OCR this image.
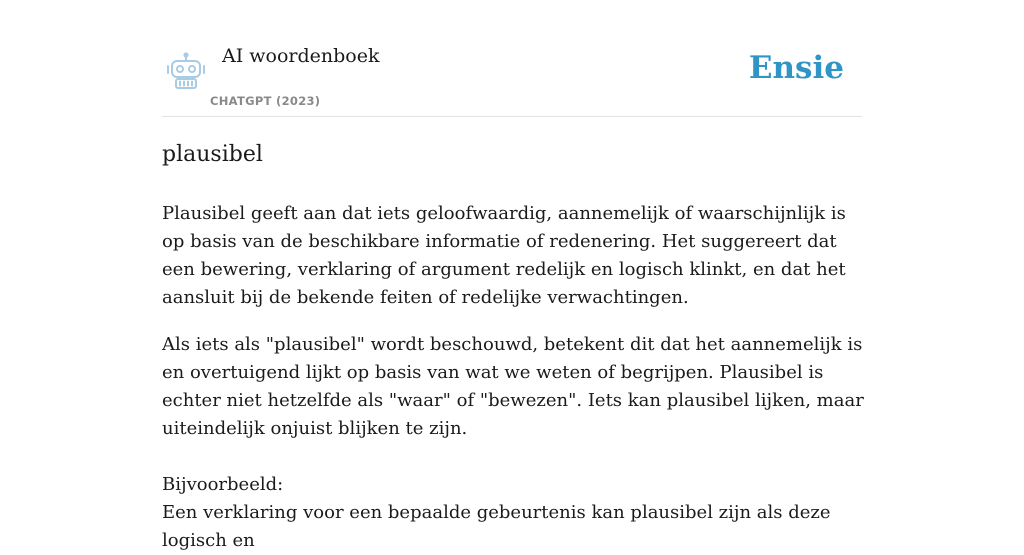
AI woordenboek
CHATGPT (2023)
Ensie
plausibel

Plausibel geeft aan dat iets geloofwaardig, aannemelijk of waarschijnlijk is op basis van de beschikbare informatie of redenering. Het suggereert dat een bewering, verklaring of argument redelijk en logisch klinkt, en dat het aansluit bij de bekende feiten of redelijke verwachtingen.

Als iets als "plausibel" wordt beschouwd, betekent dit dat het aannemelijk is en overtuigend lijkt op basis van wat we weten of begrijpen. Plausibel is echter niet hetzelfde als "waar" of "bewezen". Iets kan plausibel lijken, maar uiteindelijk onjuist blijken te zijn.

Bijvoorbeeld:

Een verklaring voor een bepaalde gebeurtenis kan plausibel zijn als deze logisch en
